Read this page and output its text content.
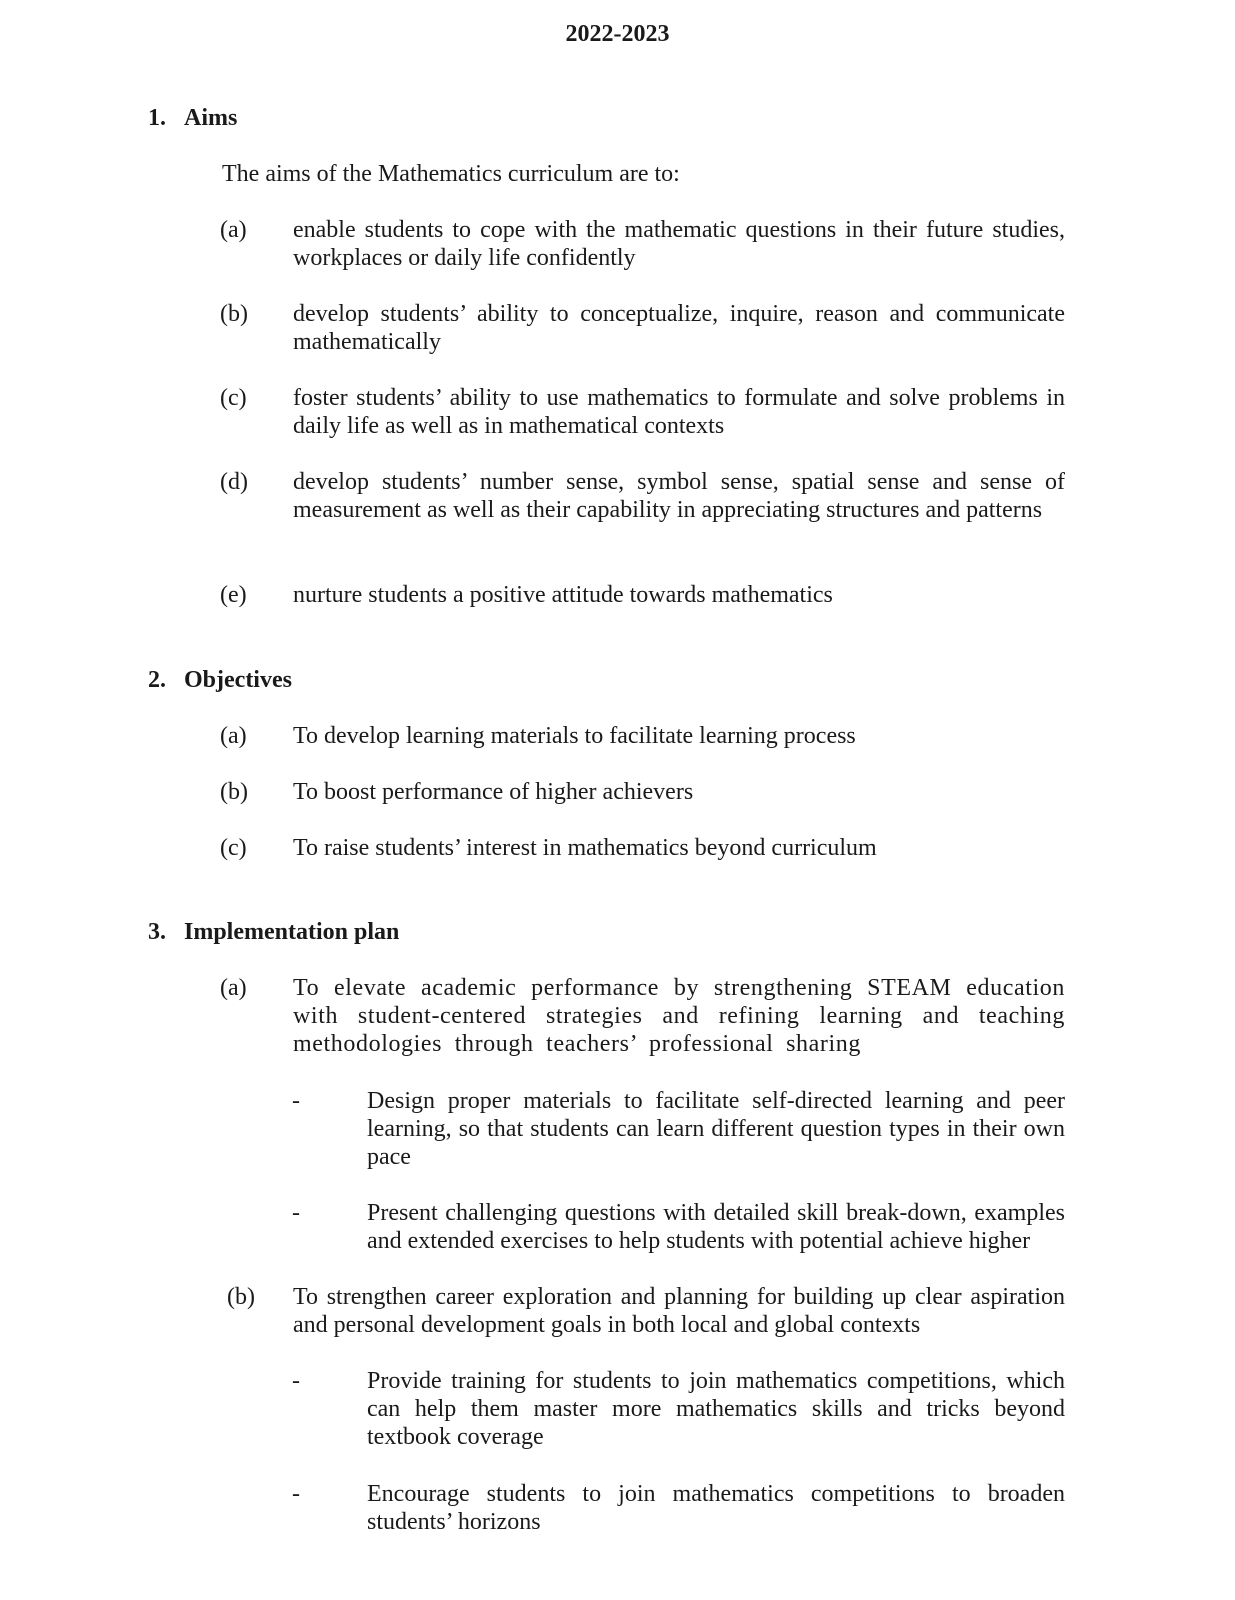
2022-2023
1. Aims
The aims of the Mathematics curriculum are to:
(a) enable students to cope with the mathematic questions in their future studies, workplaces or daily life confidently
(b) develop students’ ability to conceptualize, inquire, reason and communicate mathematically
(c) foster students’ ability to use mathematics to formulate and solve problems in daily life as well as in mathematical contexts
(d) develop students’ number sense, symbol sense, spatial sense and sense of measurement as well as their capability in appreciating structures and patterns
(e) nurture students a positive attitude towards mathematics
2. Objectives
(a) To develop learning materials to facilitate learning process
(b) To boost performance of higher achievers
(c) To raise students’ interest in mathematics beyond curriculum
3. Implementation plan
(a) To elevate academic performance by strengthening STEAM education with student-centered strategies and refining learning and teaching methodologies through teachers’ professional sharing
-	Design proper materials to facilitate self-directed learning and peer learning, so that students can learn different question types in their own pace
-	Present challenging questions with detailed skill break-down, examples and extended exercises to help students with potential achieve higher
(b) To strengthen career exploration and planning for building up clear aspiration and personal development goals in both local and global contexts
-	Provide training for students to join mathematics competitions, which can help them master more mathematics skills and tricks beyond textbook coverage
-	Encourage students to join mathematics competitions to broaden students’ horizons
